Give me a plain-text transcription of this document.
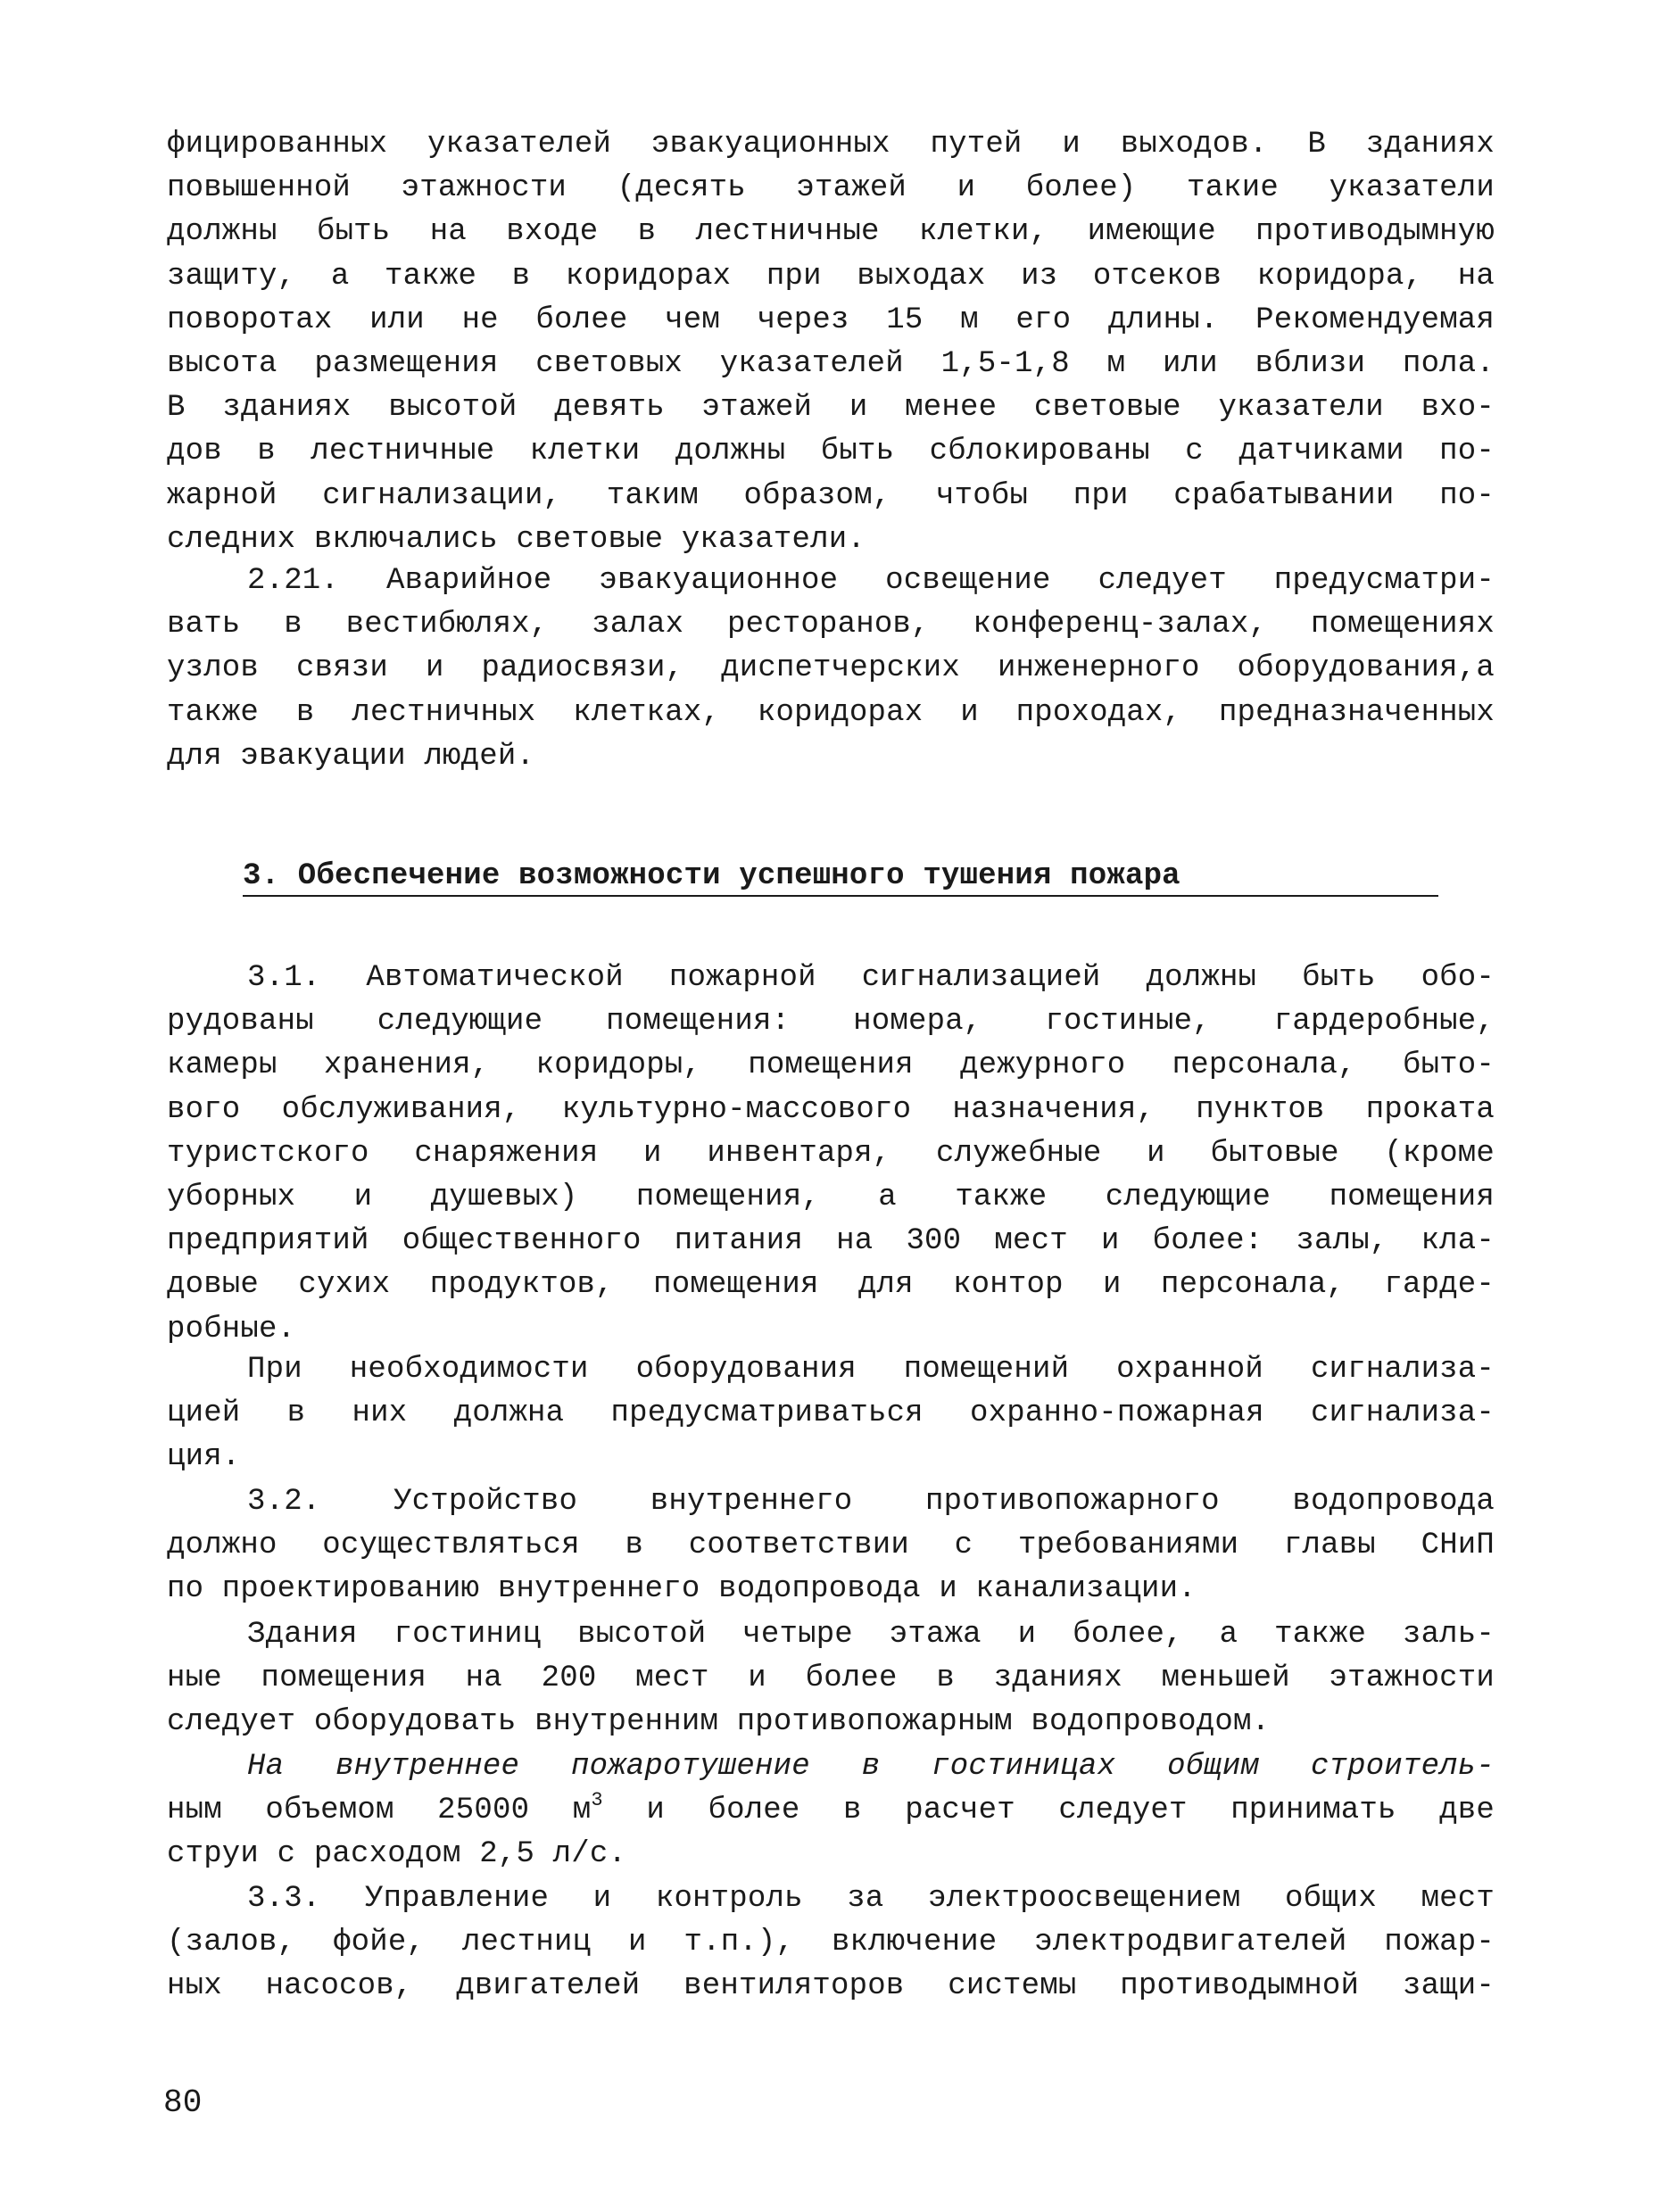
фицированных указателей эвакуационных путей и выходов. В зданиях
повышенной этажности (десять этажей и более) такие указатели
должны быть на входе в лестничные клетки, имеющие противодымную
защиту, а также в коридорах при выходах из отсеков коридора, на
поворотах или не более чем через 15 м его длины. Рекомендуемая
высота размещения световых указателей 1,5-1,8 м или вблизи пола.
В зданиях высотой девять этажей и менее световые указатели вхо-
дов в лестничные клетки должны быть сблокированы с датчиками по-
жарной сигнализации, таким образом, чтобы при срабатывании по-
следних включались световые указатели.
2.21. Аварийное эвакуационное освещение следует предусматри-
вать в вестибюлях, залах ресторанов, конференц-залах, помещениях
узлов связи и радиосвязи, диспетчерских инженерного оборудования,а
также в лестничных клетках, коридорах и проходах, предназначенных
для эвакуации людей.
3. Обеспечение возможности успешного тушения пожара
3.1. Автоматической пожарной сигнализацией должны быть обо-
рудованы следующие помещения: номера, гостиные, гардеробные,
камеры хранения, коридоры, помещения дежурного персонала, быто-
вого обслуживания, культурно-массового назначения, пунктов проката
туристского снаряжения и инвентаря, служебные и бытовые (кроме
уборных и душевых) помещения, а также следующие помещения
предприятий общественного питания на 300 мест и более: залы, кла-
довые сухих продуктов, помещения для контор и персонала, гарде-
робные.
При необходимости оборудования помещений охранной сигнализа-
цией в них должна предусматриваться охранно-пожарная сигнализа-
ция.
3.2. Устройство внутреннего противопожарного водопровода
должно осуществляться в соответствии с требованиями главы СНиП
по проектированию внутреннего водопровода и канализации.
Здания гостиниц высотой четыре этажа и более, а также заль-
ные помещения на 200 мест и более в зданиях меньшей этажности
следует оборудовать внутренним противопожарным водопроводом.
На внутреннее пожаротушение в гостиницах общим строитель-
ным объемом 25000 $м^3$ и более в расчет следует принимать две
струи с расходом 2,5 л/с.
3.3. Управление и контроль за электроосвещением общих мест
(залов, фойе, лестниц и т.п.), включение электродвигателей пожар-
ных насосов, двигателей вентиляторов системы противодымной защи-

80
